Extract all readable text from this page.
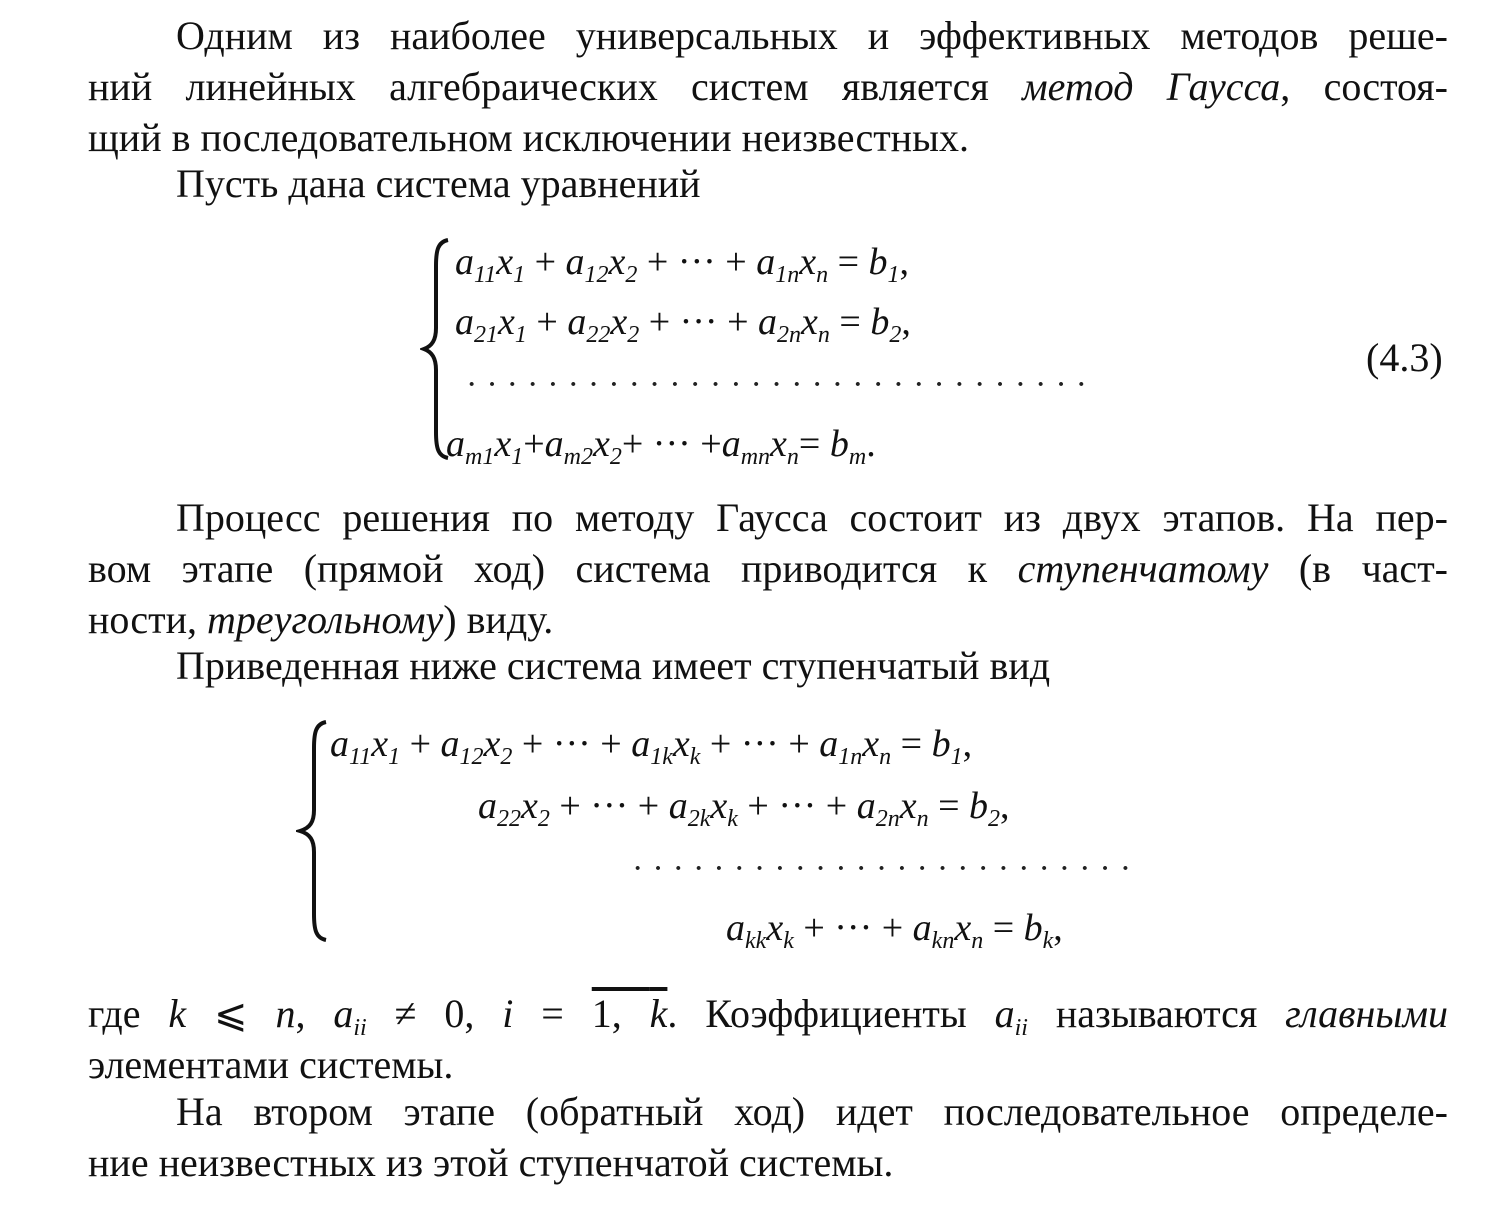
Одним из наиболее универсальных и эффективных методов реше-
ний линейных алгебраических систем является метод Гаусса, состоя-
щий в последовательном исключении неизвестных.
Пусть дана система уравнений
$a_{11}x_1 + a_{12}x_2$ + ··· + $a_{1n}x_n = b_1$,
$a_{21}x_1 + a_{22}x_2$ + ··· + $a_{2n}x_n = b_2$,
·······························
$a_{m1}x_1+a_{m2}x_2+$ ··· $+a_{mn}x_n= b_m$.
(4.3)
Процесс решения по методу Гаусса состоит из двух этапов. На пер-
вом этапе (прямой ход) система приводится к ступенчатому (в част-
ности, треугольному) виду.
Приведенная ниже система имеет ступенчатый вид
$a_{11}x_1 + a_{12}x_2$ + ··· + $a_{1k}x_k$ + ··· + $a_{1n}x_n = b_1$,
$a_{22}x_2$ + ··· + $a_{2k}x_k$ + ··· + $a_{2n}x_n = b_2$,
·························
$a_{kk}x_k$ + ··· + $a_{kn}x_n = b_k$,
где k ⩽ n, $a_{ii} \ne 0$, i = 1, k. Коэффициенты $a_{ii}$ называются главными
элементами системы.
На втором этапе (обратный ход) идет последовательное определе-
ние неизвестных из этой ступенчатой системы.
